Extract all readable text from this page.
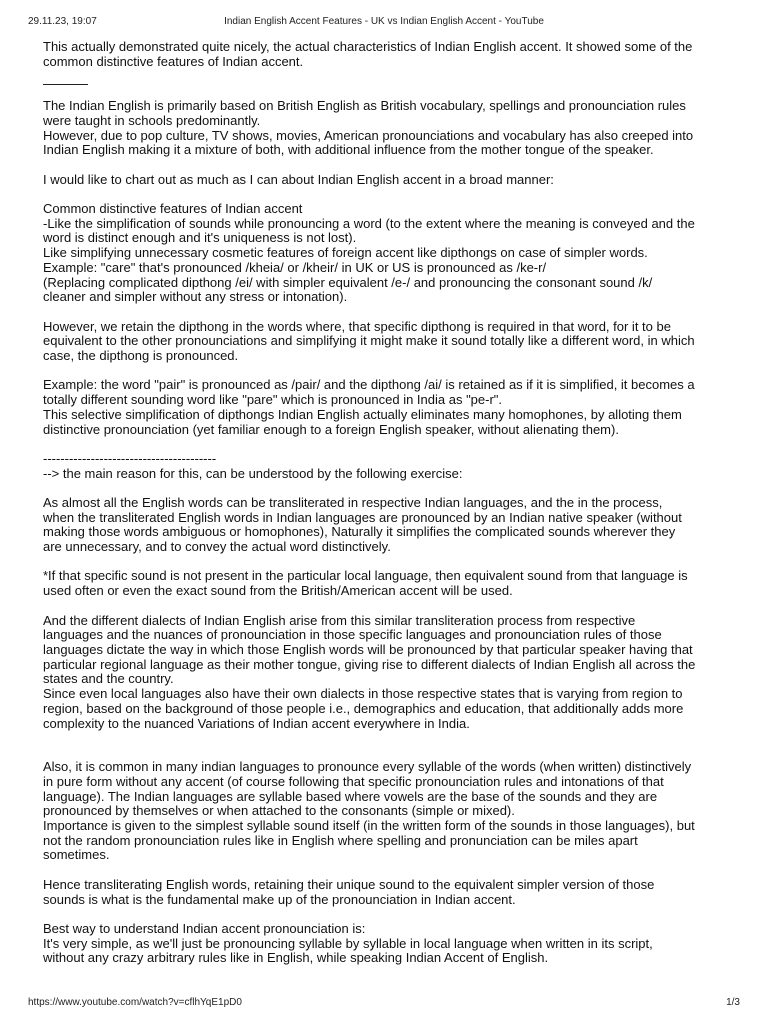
29.11.23, 19:07	Indian English Accent Features - UK vs Indian English Accent - YouTube

This actually demonstrated quite nicely, the actual characteristics of Indian English accent. It showed some of the
common distinctive features of Indian accent.

The Indian English is primarily based on British English as British vocabulary, spellings and pronounciation rules
were taught in schools predominantly.
However, due to pop culture, TV shows, movies, American pronounciations and vocabulary has also creeped into
Indian English making it a mixture of both, with additional influence from the mother tongue of the speaker.

I would like to chart out as much as I can about Indian English accent in a broad manner:

Common distinctive features of Indian accent
-Like the simplification of sounds while pronouncing a word (to the extent where the meaning is conveyed and the
word is distinct enough and it's uniqueness is not lost).
Like simplifying unnecessary cosmetic features of foreign accent like dipthongs on case of simpler words.
Example: "care" that's pronounced /kheia/ or /kheir/ in UK or US is pronounced as /ke-r/
(Replacing complicated dipthong /ei/ with simpler equivalent /e-/ and pronouncing the consonant sound /k/
cleaner and simpler without any stress or intonation).

However, we retain the dipthong in the words where, that specific dipthong is required in that word, for it to be
equivalent to the other pronounciations and simplifying it might make it sound totally like a different word, in which
case, the dipthong is pronounced.

Example: the word "pair" is pronounced as /pair/ and the dipthong /ai/ is retained as if it is simplified, it becomes a
totally different sounding word like "pare" which is pronounced in India as "pe-r".
This selective simplification of dipthongs Indian English actually eliminates many homophones, by alloting them
distinctive pronounciation (yet familiar enough to a foreign English speaker, without alienating them).

----------------------------------------
--> the main reason for this, can be understood by the following exercise:

As almost all the English words can be transliterated in respective Indian languages, and the in the process,
when the transliterated English words in Indian languages are pronounced by an Indian native speaker (without
making those words ambiguous or homophones), Naturally it simplifies the complicated sounds wherever they
are unnecessary, and to convey the actual word distinctively.

*If that specific sound is not present in the particular local language, then equivalent sound from that language is
used often or even the exact sound from the British/American accent will be used.

And the different dialects of Indian English arise from this similar transliteration process from respective
languages and the nuances of pronounciation in those specific languages and pronounciation rules of those
languages dictate the way in which those English words will be pronounced by that particular speaker having that
particular regional language as their mother tongue, giving rise to different dialects of Indian English all across the
states and the country.
Since even local languages also have their own dialects in those respective states that is varying from region to
region, based on the background of those people i.e., demographics and education, that additionally adds more
complexity to the nuanced Variations of Indian accent everywhere in India.

Also, it is common in many indian languages to pronounce every syllable of the words (when written) distinctively
in pure form without any accent (of course following that specific pronounciation rules and intonations of that
language). The Indian languages are syllable based where vowels are the base of the sounds and they are
pronounced by themselves or when attached to the consonants (simple or mixed).
Importance is given to the simplest syllable sound itself (in the written form of the sounds in those languages), but
not the random pronounciation rules like in English where spelling and pronunciation can be miles apart
sometimes.

Hence transliterating English words, retaining their unique sound to the equivalent simpler version of those
sounds is what is the fundamental make up of the pronounciation in Indian accent.

Best way to understand Indian accent pronounciation is:
It's very simple, as we'll just be pronouncing syllable by syllable in local language when written in its script,
without any crazy arbitrary rules like in English, while speaking Indian Accent of English.

https://www.youtube.com/watch?v=cflhYqE1pD0	1/3
